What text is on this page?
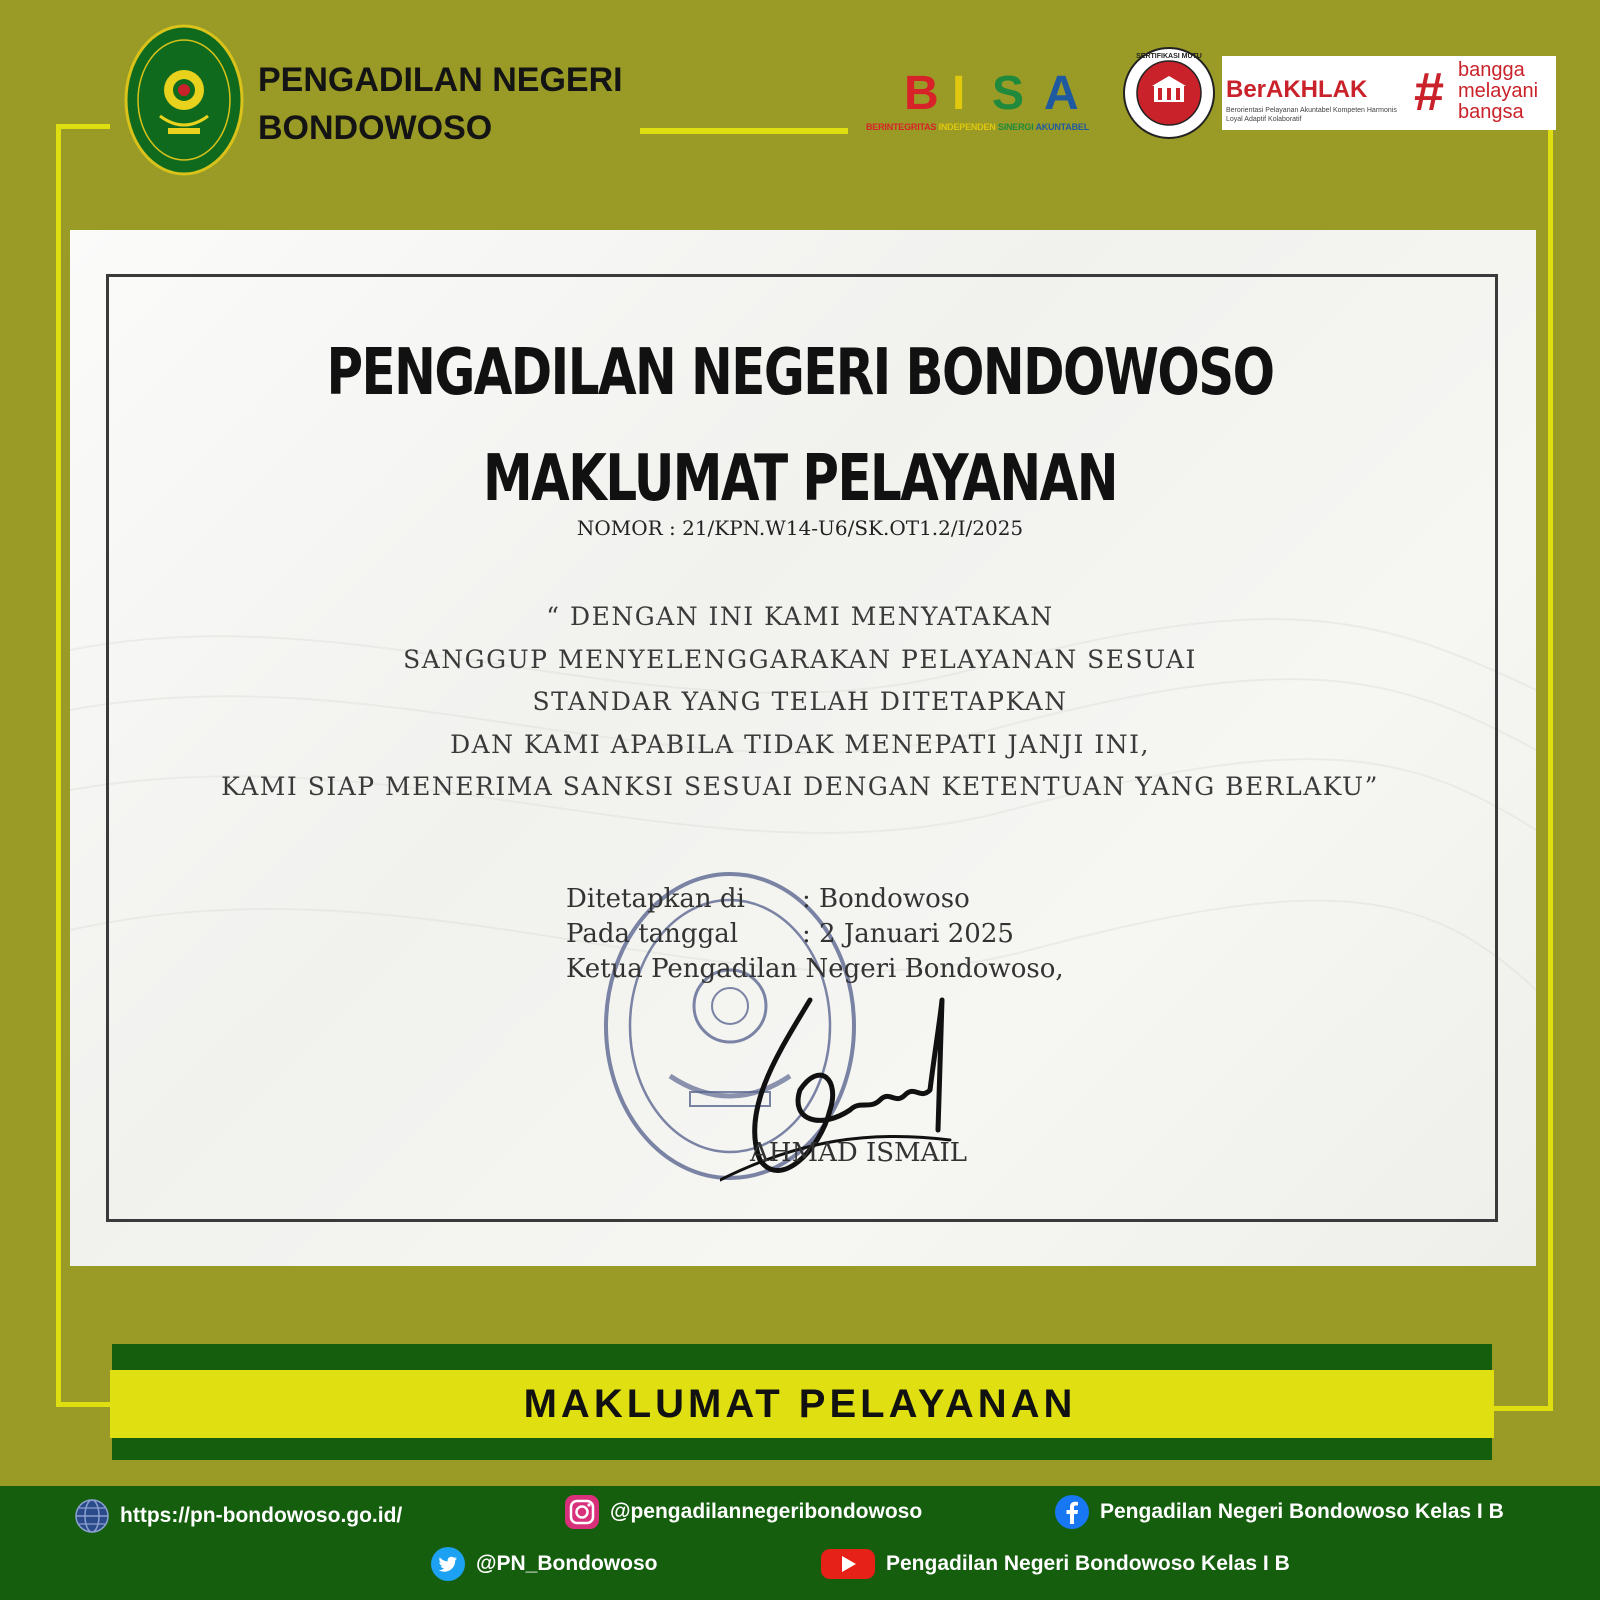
PENGADILAN NEGERI
BONDOWOSO
B I S A
BERINTEGRITAS INDEPENDEN SINERGI AKUNTABEL
SERTIFIKASI MUTU
BerAKHLAK
Berorientasi Pelayanan Akuntabel Kompeten Harmonis Loyal Adaptif Kolaboratif	# bangga
melayani
bangsa
PENGADILAN NEGERI BONDOWOSO
MAKLUMAT PELAYANAN
NOMOR : 21/KPN.W14-U6/SK.OT1.2/I/2025
“ DENGAN INI KAMI MENYATAKAN
SANGGUP MENYELENGGARAKAN PELAYANAN SESUAI
STANDAR YANG TELAH DITETAPKAN
DAN KAMI APABILA TIDAK MENEPATI JANJI INI,
KAMI SIAP MENERIMA SANKSI SESUAI DENGAN KETENTUAN YANG BERLAKU”
Ditetapkan di : Bondowoso
Pada tanggal : 2 Januari 2025
Ketua Pengadilan Negeri Bondowoso,
AHMAD ISMAIL
MAKLUMAT PELAYANAN
https://pn-bondowoso.go.id/	@pengadilannegeribondowoso	Pengadilan Negeri Bondowoso Kelas I B
@PN_Bondowoso	Pengadilan Negeri Bondowoso Kelas I B
